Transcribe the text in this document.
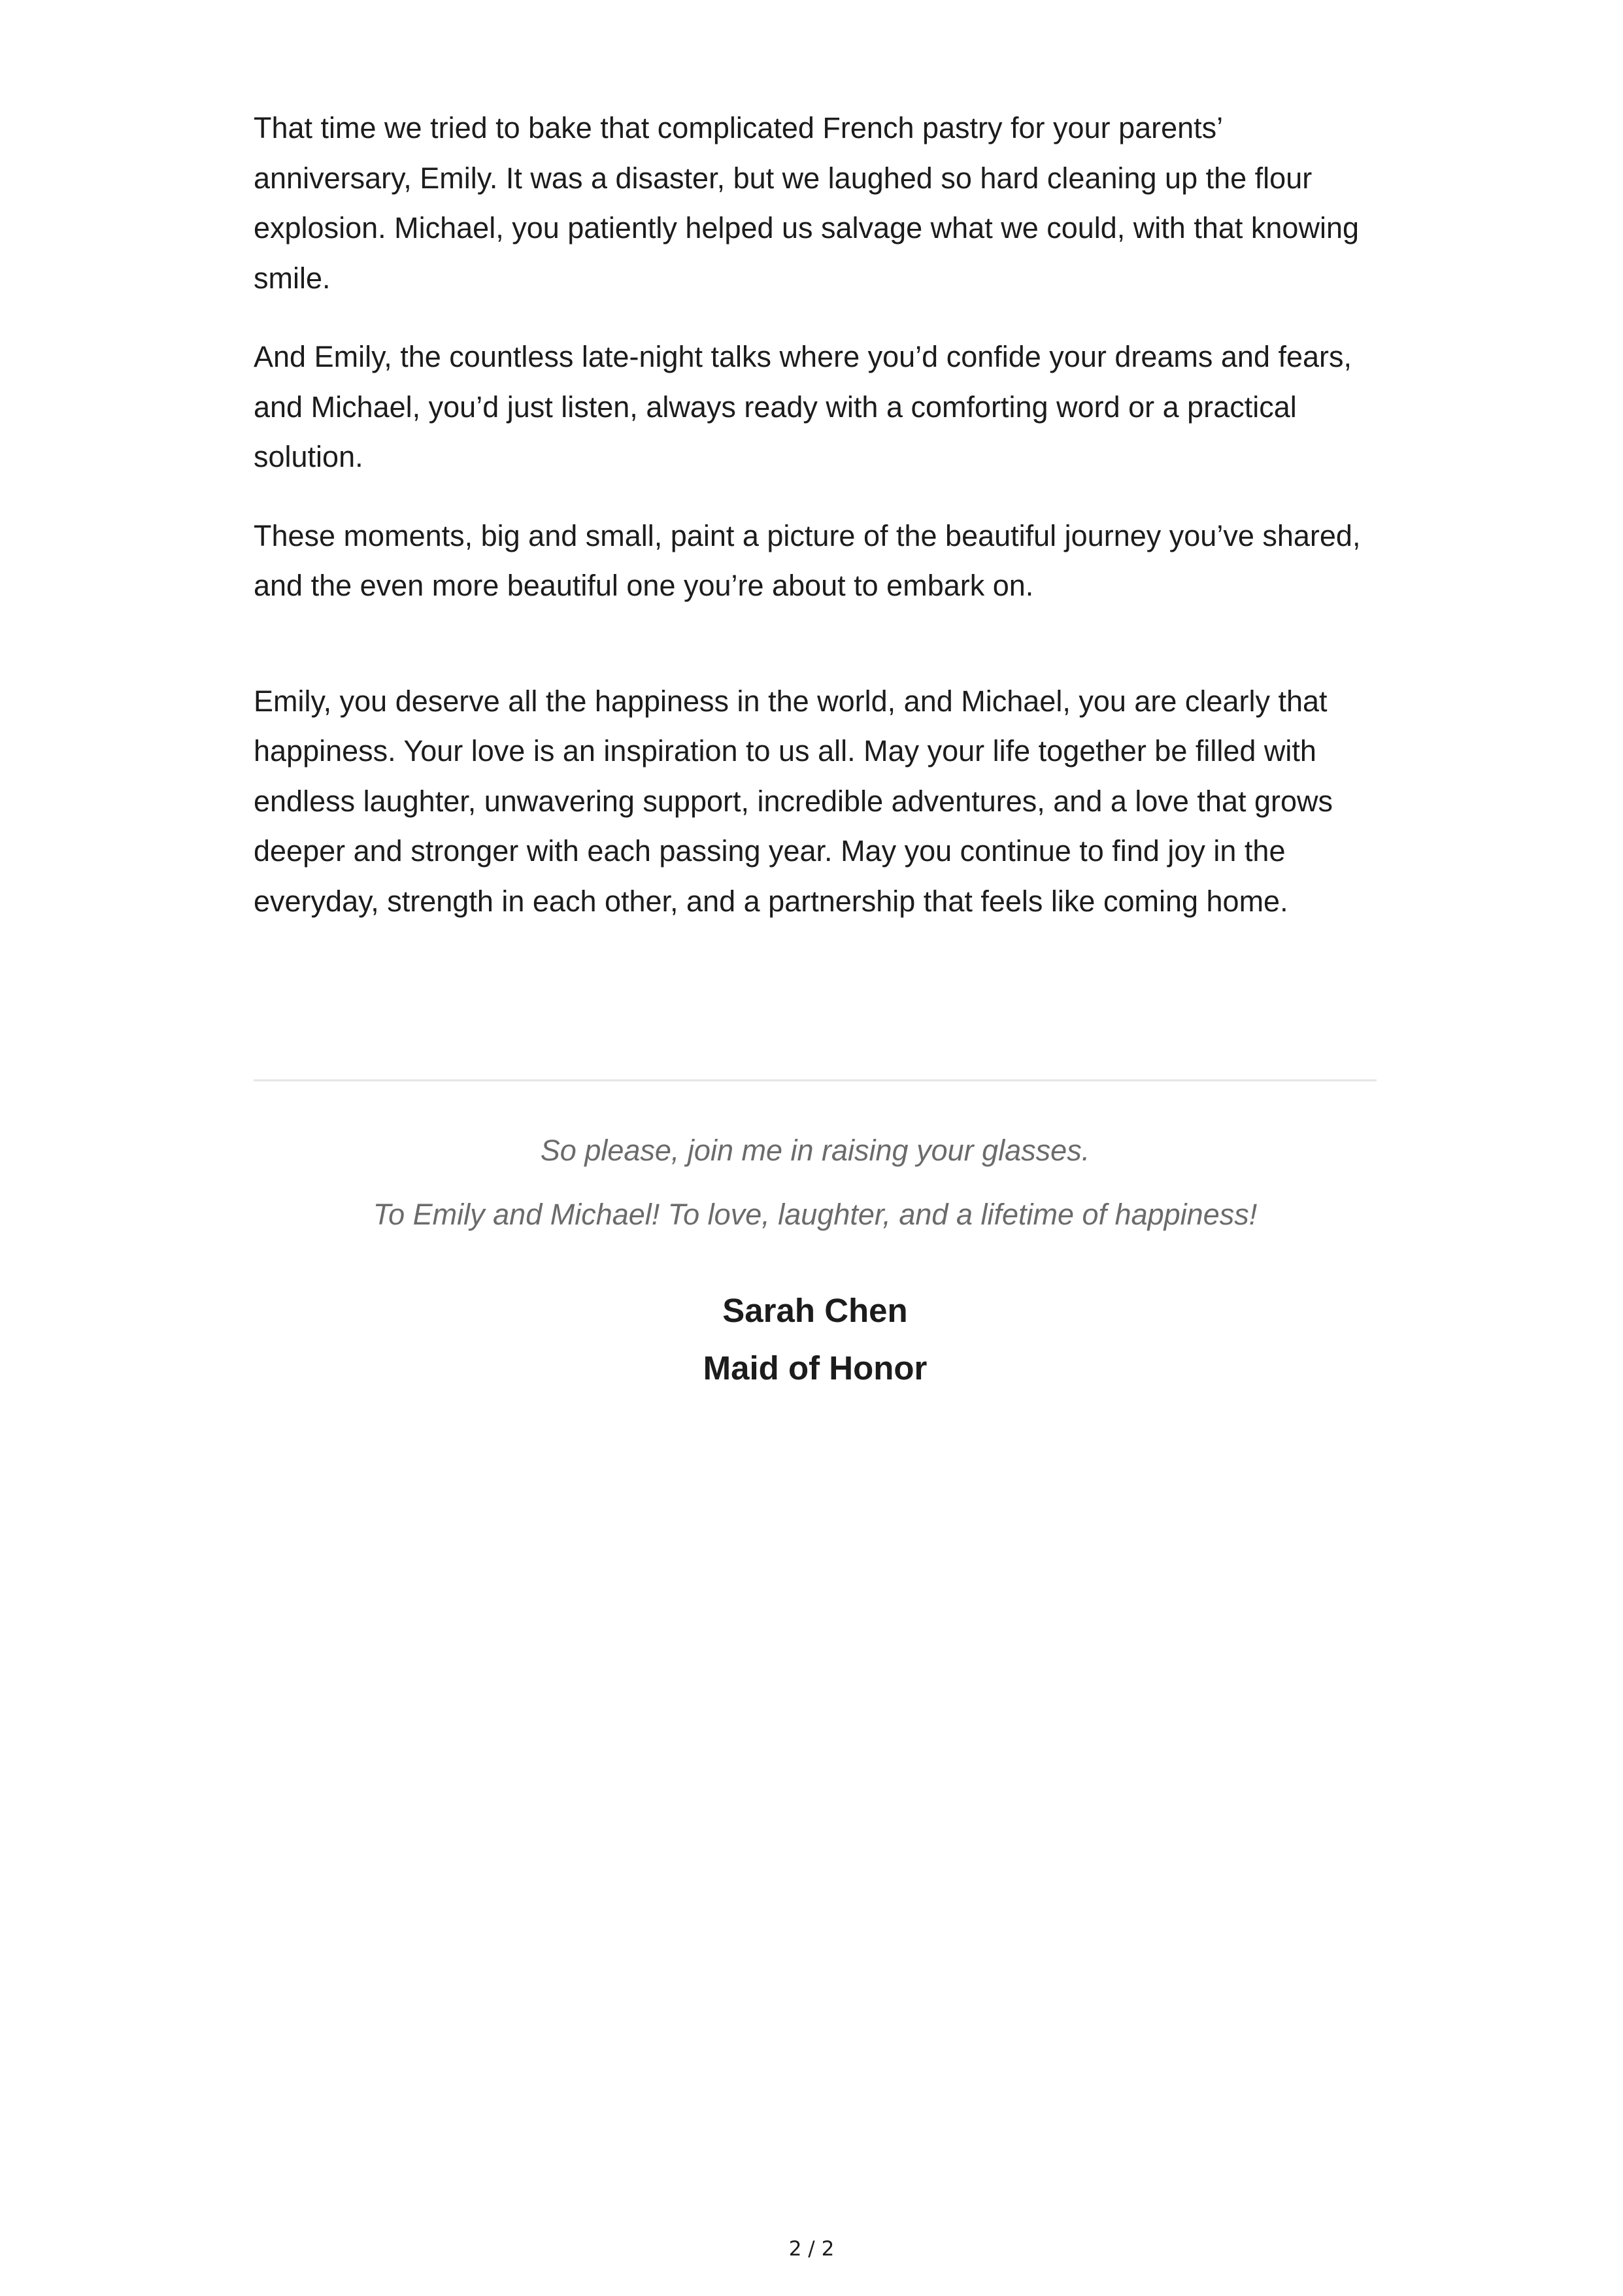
That time we tried to bake that complicated French pastry for your parents’ anniversary, Emily. It was a disaster, but we laughed so hard cleaning up the flour explosion. Michael, you patiently helped us salvage what we could, with that knowing smile.

And Emily, the countless late-night talks where you’d confide your dreams and fears, and Michael, you’d just listen, always ready with a comforting word or a practical solution.

These moments, big and small, paint a picture of the beautiful journey you’ve shared, and the even more beautiful one you’re about to embark on.

Emily, you deserve all the happiness in the world, and Michael, you are clearly that happiness. Your love is an inspiration to us all. May your life together be filled with endless laughter, unwavering support, incredible adventures, and a love that grows deeper and stronger with each passing year. May you continue to find joy in the everyday, strength in each other, and a partnership that feels like coming home.

So please, join me in raising your glasses.

To Emily and Michael! To love, laughter, and a lifetime of happiness!

Sarah Chen

Maid of Honor

2 / 2
